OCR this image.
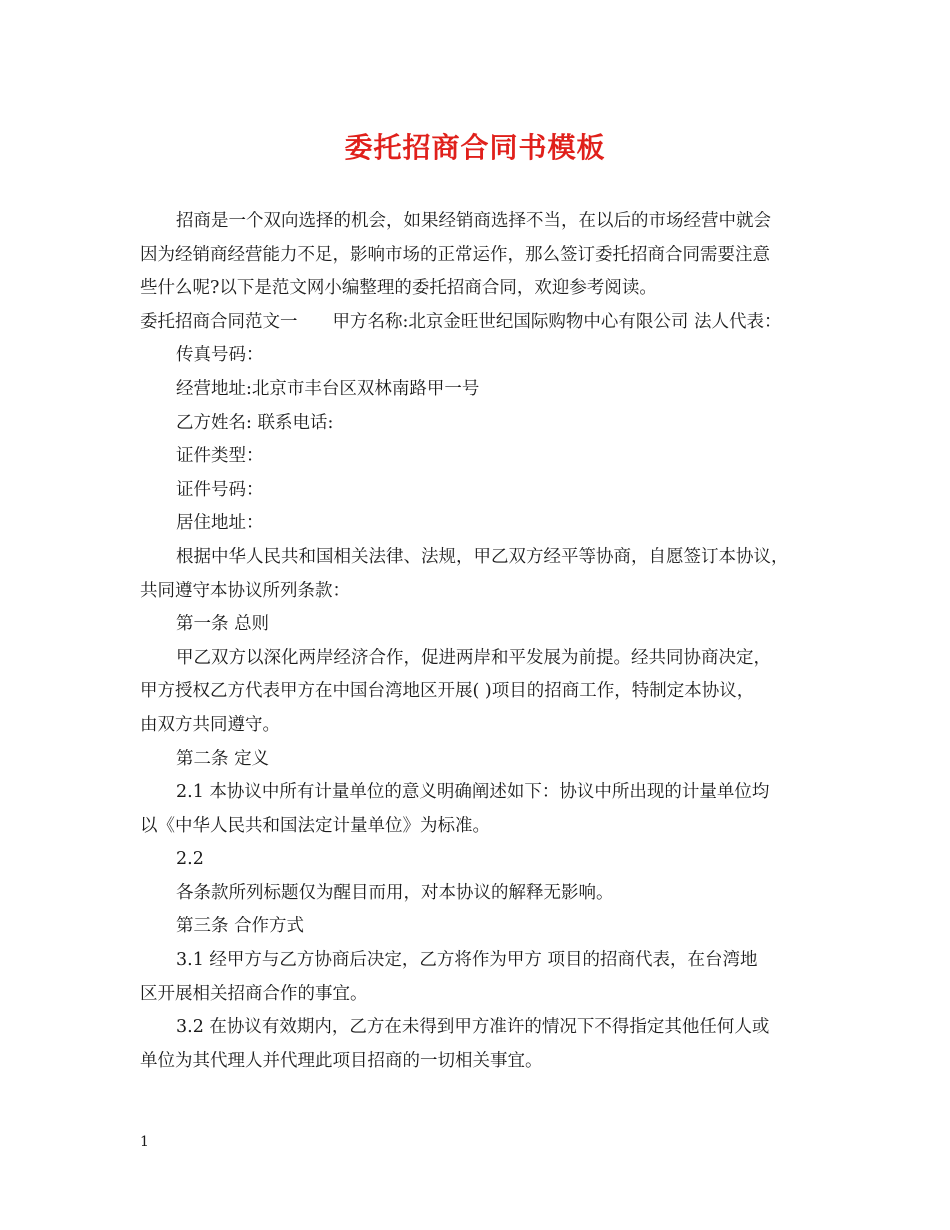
委托招商合同书模板

招商是一个双向选择的机会，如果经销商选择不当，在以后的市场经营中就会

因为经销商经营能力不足，影响市场的正常运作，那么签订委托招商合同需要注意

些什么呢?以下是范文网小编整理的委托招商合同，欢迎参考阅读。

委托招商合同范文一　　甲方名称:北京金旺世纪国际购物中心有限公司 法人代表：

传真号码：

经营地址:北京市丰台区双林南路甲一号

乙方姓名: 联系电话:

证件类型：

证件号码：

居住地址：

根据中华人民共和国相关法律、法规，甲乙双方经平等协商，自愿签订本协议，

共同遵守本协议所列条款：

第一条 总则

甲乙双方以深化两岸经济合作，促进两岸和平发展为前提。经共同协商决定，

甲方授权乙方代表甲方在中国台湾地区开展( )项目的招商工作，特制定本协议，

由双方共同遵守。

第二条 定义

2.1 本协议中所有计量单位的意义明确阐述如下：协议中所出现的计量单位均

以《中华人民共和国法定计量单位》为标准。

2.2

各条款所列标题仅为醒目而用，对本协议的解释无影响。

第三条 合作方式

3.1 经甲方与乙方协商后决定，乙方将作为甲方 项目的招商代表，在台湾地

区开展相关招商合作的事宜。

3.2 在协议有效期内，乙方在未得到甲方准许的情况下不得指定其他任何人或

单位为其代理人并代理此项目招商的一切相关事宜。

1
